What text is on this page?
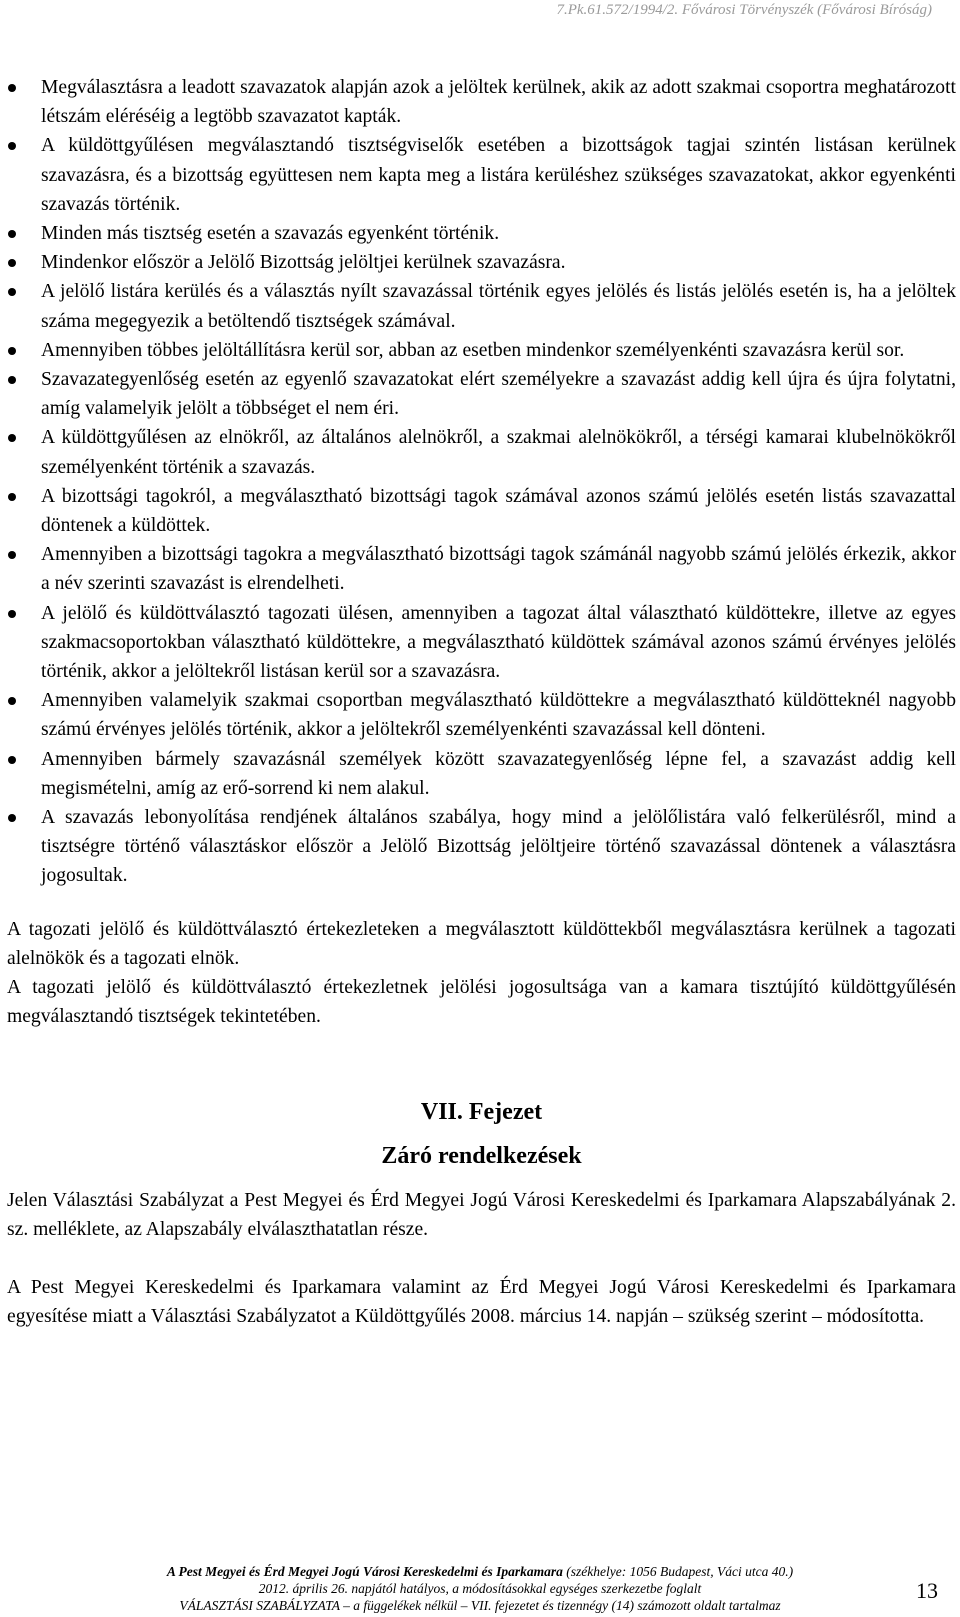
7.Pk.61.572/1994/2. Fővárosi Törvényszék (Fővárosi Bíróság)
Megválasztásra a leadott szavazatok alapján azok a jelöltek kerülnek, akik az adott szakmai csoportra meghatározott létszám eléréséig a legtöbb szavazatot kapták.
A küldöttgyűlésen megválasztandó tisztségviselők esetében a bizottságok tagjai szintén listásan kerülnek szavazásra, és a bizottság együttesen nem kapta meg a listára kerüléshez szükséges szavazatokat, akkor egyenkénti szavazás történik.
Minden más tisztség esetén a szavazás egyenként történik.
Mindenkor először a Jelölő Bizottság jelöltjei kerülnek szavazásra.
A jelölő listára kerülés és a választás nyílt szavazással történik egyes jelölés és listás jelölés esetén is, ha a jelöltek száma megegyezik a betöltendő tisztségek számával.
Amennyiben többes jelöltállításra kerül sor, abban az esetben mindenkor személyenkénti szavazásra kerül sor.
Szavazategyenlőség esetén az egyenlő szavazatokat elért személyekre a szavazást addig kell újra és újra folytatni, amíg valamelyik jelölt a többséget el nem éri.
A küldöttgyűlésen az elnökről, az általános alelnökről, a szakmai alelnökökről, a térségi kamarai klubelnökökről személyenként történik a szavazás.
A bizottsági tagokról, a megválasztható bizottsági tagok számával azonos számú jelölés esetén listás szavazattal döntenek a küldöttek.
Amennyiben a bizottsági tagokra a megválasztható bizottsági tagok számánál nagyobb számú jelölés érkezik, akkor a név szerinti szavazást is elrendelheti.
A jelölő és küldöttválasztó tagozati ülésen, amennyiben a tagozat által választható küldöttekre, illetve az egyes szakmacsoportokban választható küldöttekre, a megválasztható küldöttek számával azonos számú érvényes jelölés történik, akkor a jelöltekről listásan kerül sor a szavazásra.
Amennyiben valamelyik szakmai csoportban megválasztható küldöttekre a megválasztható küldötteknél nagyobb számú érvényes jelölés történik, akkor a jelöltekről személyenkénti szavazással kell dönteni.
Amennyiben bármely szavazásnál személyek között szavazategyenlőség lépne fel, a szavazást addig kell megismételni, amíg az erő-sorrend ki nem alakul.
A szavazás lebonyolítása rendjének általános szabálya, hogy mind a jelölőlistára való felkerülésről, mind a tisztségre történő választáskor először a Jelölő Bizottság jelöltjeire történő szavazással döntenek a választásra jogosultak.

A tagozati jelölő és küldöttválasztó értekezleteken a megválasztott küldöttekből megválasztásra kerülnek a tagozati alelnökök és a tagozati elnök.

A tagozati jelölő és küldöttválasztó értekezletnek jelölési jogosultsága van a kamara tisztújító küldöttgyűlésén megválasztandó tisztségek tekintetében.

VII. Fejezet
Záró rendelkezések

Jelen Választási Szabályzat a Pest Megyei és Érd Megyei Jogú Városi Kereskedelmi és Iparkamara Alapszabályának 2. sz. melléklete, az Alapszabály elválaszthatatlan része.

A Pest Megyei Kereskedelmi és Iparkamara valamint az Érd Megyei Jogú Városi Kereskedelmi és Iparkamara egyesítése miatt a Választási Szabályzatot a Küldöttgyűlés 2008. március 14. napján – szükség szerint – módosította.

A Pest Megyei és Érd Megyei Jogú Városi Kereskedelmi és Iparkamara (székhelye: 1056 Budapest, Váci utca 40.)
2012. április 26. napjától hatályos, a módosításokkal egységes szerkezetbe foglalt
VÁLASZTÁSI SZABÁLYZATA – a függelékek nélkül – VII. fejezetet és tizennégy (14) számozott oldalt tartalmaz
13
